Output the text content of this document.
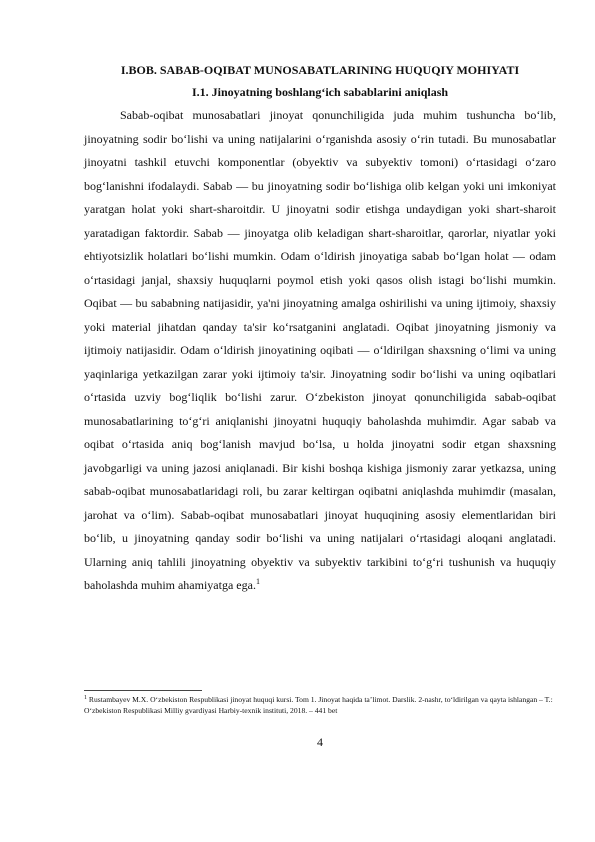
I.BOB. SABAB-OQIBAT MUNOSABATLARINING HUQUQIY MOHIYATI
I.1. Jinoyatning boshlang‘ich sabablarini aniqlash

Sabab-oqibat munosabatlari jinoyat qonunchiligida juda muhim tushuncha bo‘lib, jinoyatning sodir bo‘lishi va uning natijalarini o‘rganishda asosiy o‘rin tutadi. Bu munosabatlar jinoyatni tashkil etuvchi komponentlar (obyektiv va subyektiv tomoni) o‘rtasidagi o‘zaro bog‘lanishni ifodalaydi. Sabab — bu jinoyatning sodir bo‘lishiga olib kelgan yoki uni imkoniyat yaratgan holat yoki shart-sharoitdir. U jinoyatni sodir etishga undaydigan yoki shart-sharoit yaratadigan faktordir. Sabab — jinoyatga olib keladigan shart-sharoitlar, qarorlar, niyatlar yoki ehtiyotsizlik holatlari bo‘lishi mumkin. Odam o‘ldirish jinoyatiga sabab bo‘lgan holat — odam o‘rtasidagi janjal, shaxsiy huquqlarni poymol etish yoki qasos olish istagi bo‘lishi mumkin. Oqibat — bu sababning natijasidir, ya'ni jinoyatning amalga oshirilishi va uning ijtimoiy, shaxsiy yoki material jihatdan qanday ta'sir ko‘rsatganini anglatadi. Oqibat jinoyatning jismoniy va ijtimoiy natijasidir. Odam o‘ldirish jinoyatining oqibati — o‘ldirilgan shaxsning o‘limi va uning yaqinlariga yetkazilgan zarar yoki ijtimoiy ta'sir. Jinoyatning sodir bo‘lishi va uning oqibatlari o‘rtasida uzviy bog‘liqlik bo‘lishi zarur. O‘zbekiston jinoyat qonunchiligida sabab-oqibat munosabatlarining to‘g‘ri aniqlanishi jinoyatni huquqiy baholashda muhimdir. Agar sabab va oqibat o‘rtasida aniq bog‘lanish mavjud bo‘lsa, u holda jinoyatni sodir etgan shaxsning javobgarligi va uning jazosi aniqlanadi. Bir kishi boshqa kishiga jismoniy zarar yetkazsa, uning sabab-oqibat munosabatlaridagi roli, bu zarar keltirgan oqibatni aniqlashda muhimdir (masalan, jarohat va o‘lim). Sabab-oqibat munosabatlari jinoyat huquqining asosiy elementlaridan biri bo‘lib, u jinoyatning qanday sodir bo‘lishi va uning natijalari o‘rtasidagi aloqani anglatadi. Ularning aniq tahlili jinoyatning obyektiv va subyektiv tarkibini to‘g‘ri tushunish va huquqiy baholashda muhim ahamiyatga ega.$^1$

$^1$ Rustambayev M.X. O‘zbekiston Respublikasi jinoyat huquqi kursi. Tom 1. Jinoyat haqida ta’limot. Darslik. 2-nashr, to‘ldirilgan va qayta ishlangan – T.: O‘zbekiston Respublikasi Milliy gvardiyasi Harbiy-texnik instituti, 2018. – 441 bet

4
